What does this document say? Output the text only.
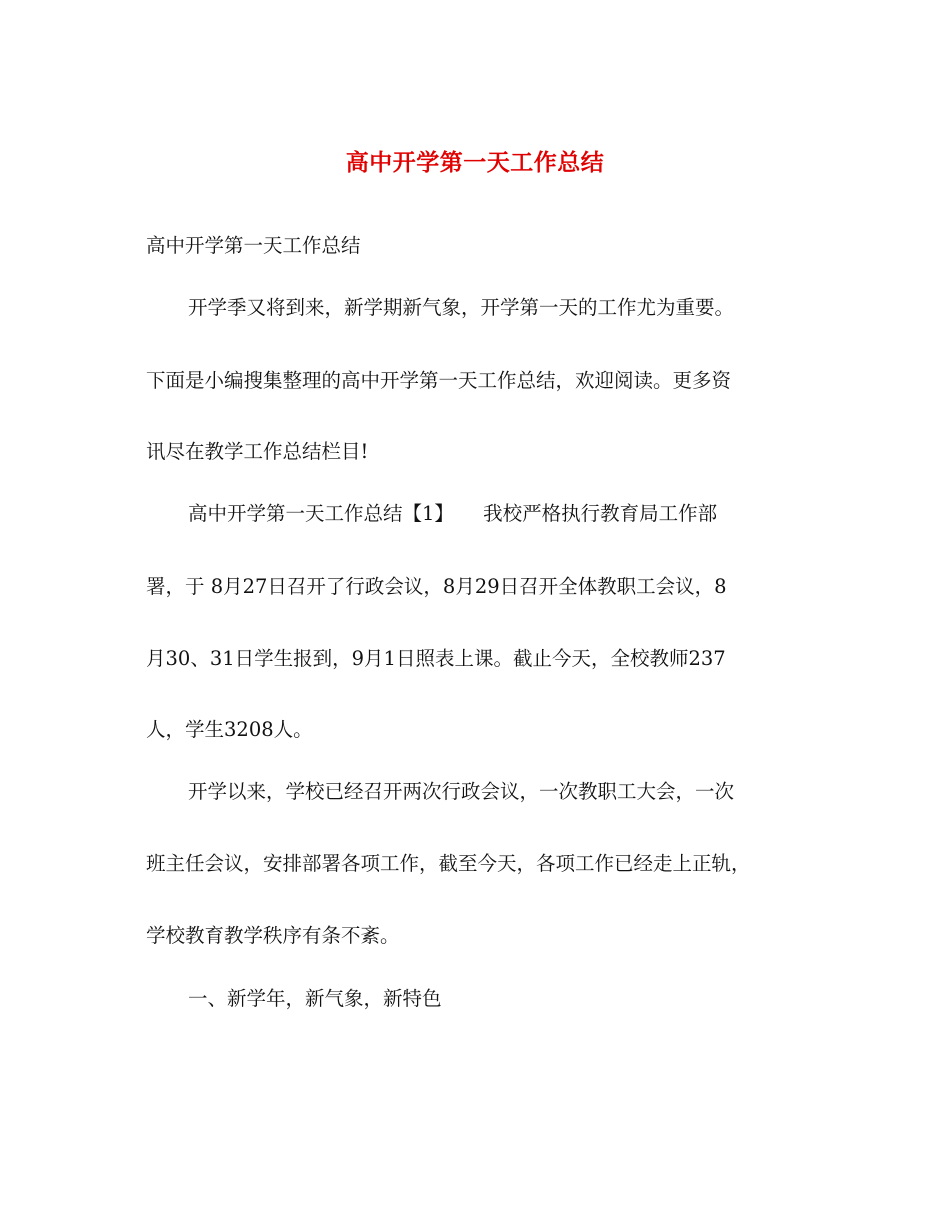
高中开学第一天工作总结
高中开学第一天工作总结
开学季又将到来，新学期新气象，开学第一天的工作尤为重要。
下面是小编搜集整理的高中开学第一天工作总结，欢迎阅读。更多资
讯尽在教学工作总结栏目!
高中开学第一天工作总结【1】　　我校严格执行教育局工作部
署，于 8月27日召开了行政会议，8月29日召开全体教职工会议，8
月30、31日学生报到，9月1日照表上课。截止今天，全校教师237
人，学生3208人。
开学以来，学校已经召开两次行政会议，一次教职工大会，一次
班主任会议，安排部署各项工作，截至今天，各项工作已经走上正轨，
学校教育教学秩序有条不紊。
一、新学年，新气象，新特色
